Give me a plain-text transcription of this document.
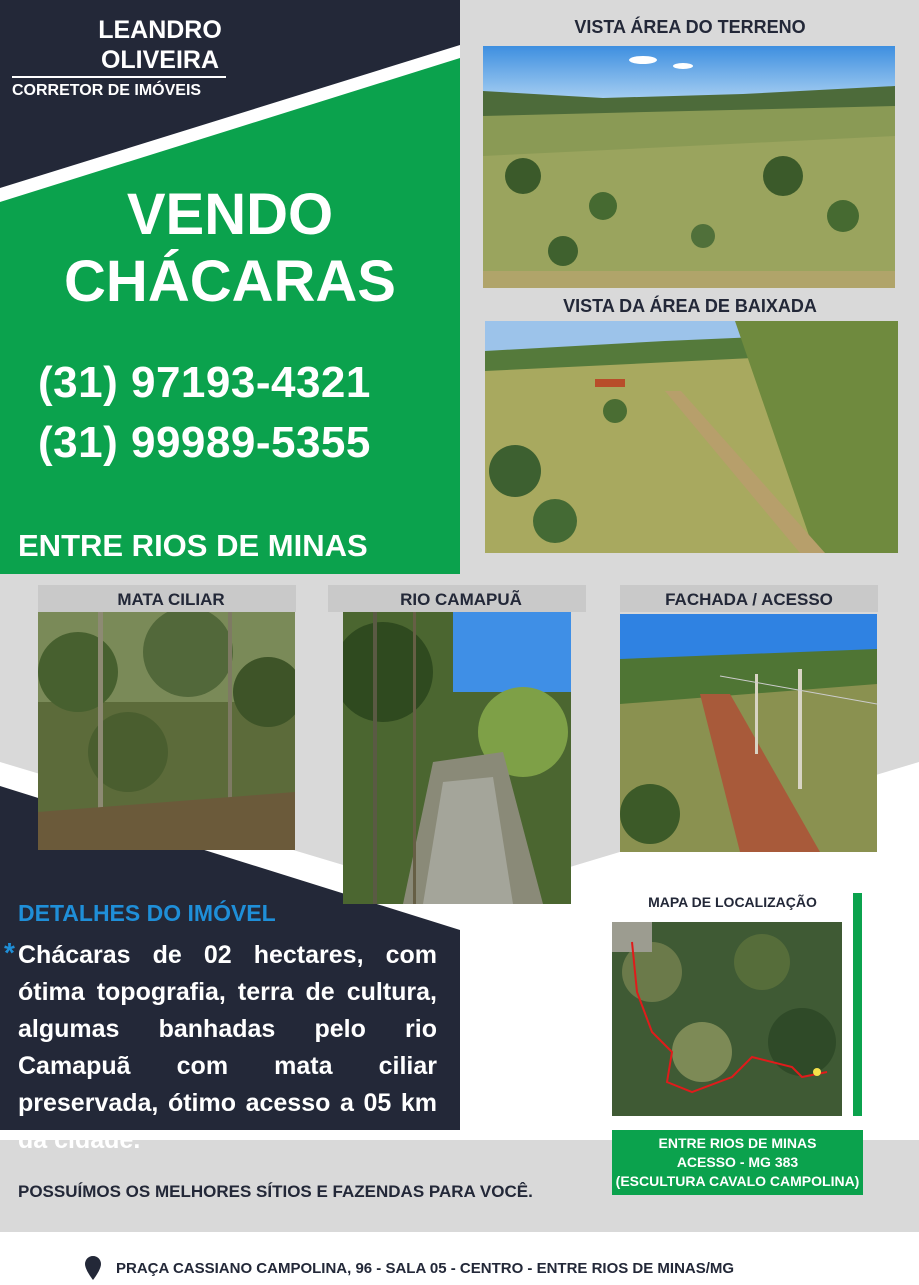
LEANDRO
OLIVEIRA
CORRETOR DE IMÓVEIS
VENDO
CHÁCARAS
(31) 97193-4321
(31) 99989-5355
ENTRE RIOS DE MINAS
VISTA ÁREA DO TERRENO
VISTA DA ÁREA DE BAIXADA
MATA CILIAR	RIO CAMAPUÃ	FACHADA / ACESSO
DETALHES DO IMÓVEL
* Chácaras de 02 hectares, com ótima topografia, terra de cultura, algumas banhadas pelo rio Camapuã com mata ciliar preservada, ótimo acesso a 05 km da cidade.
MAPA DE LOCALIZAÇÃO
ENTRE RIOS DE MINAS
ACESSO - MG 383
(ESCULTURA CAVALO CAMPOLINA)
POSSUÍMOS OS MELHORES SÍTIOS E FAZENDAS PARA VOCÊ.
PRAÇA CASSIANO CAMPOLINA, 96 - SALA 05 - CENTRO - ENTRE RIOS DE MINAS/MG
